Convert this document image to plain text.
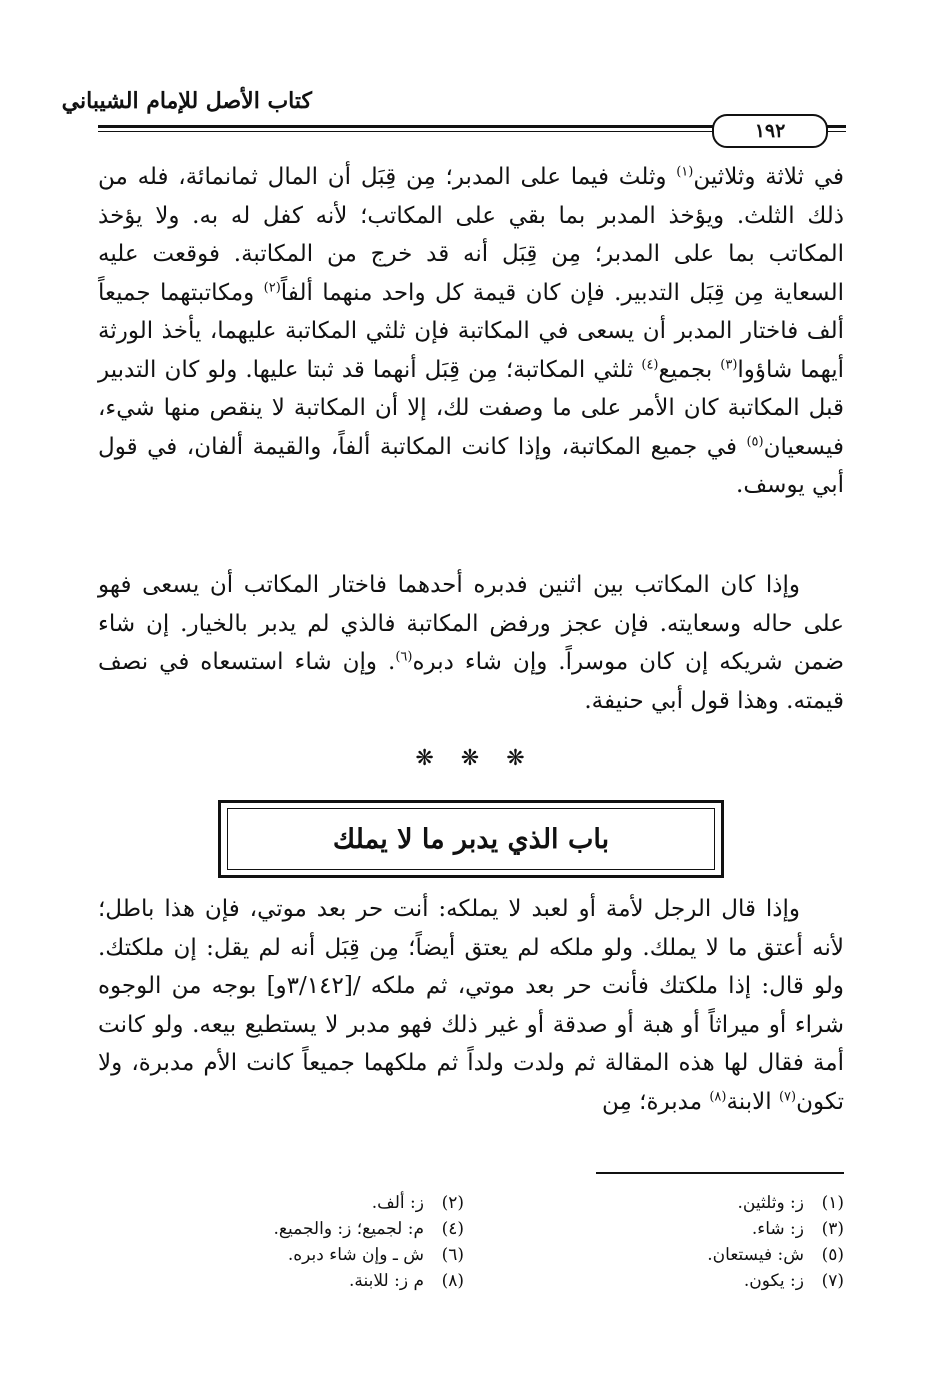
كتاب الأصل للإمام الشيباني
١٩٢

في ثلاثة وثلاثين$^{(١)}$ وثلث فيما على المدبر؛ مِن قِبَل أن المال ثمانمائة، فله من ذلك الثلث. ويؤخذ المدبر بما بقي على المكاتب؛ لأنه كفل له به. ولا يؤخذ المكاتب بما على المدبر؛ مِن قِبَل أنه قد خرج من المكاتبة. فوقعت عليه السعاية مِن قِبَل التدبير. فإن كان قيمة كل واحد منهما ألفاً$^{(٢)}$ ومكاتبتهما جميعاً ألف فاختار المدبر أن يسعى في المكاتبة فإن ثلثي المكاتبة عليهما، يأخذ الورثة أيهما شاؤوا$^{(٣)}$ بجميع$^{(٤)}$ ثلثي المكاتبة؛ مِن قِبَل أنهما قد ثبتا عليها. ولو كان التدبير قبل المكاتبة كان الأمر على ما وصفت لك، إلا أن المكاتبة لا ينقص منها شيء، فيسعيان$^{(٥)}$ في جميع المكاتبة، وإذا كانت المكاتبة ألفاً، والقيمة ألفان، في قول أبي يوسف.

وإذا كان المكاتب بين اثنين فدبره أحدهما فاختار المكاتب أن يسعى فهو على حاله وسعايته. فإن عجز ورفض المكاتبة فالذي لم يدبر بالخيار. إن شاء ضمن شريكه إن كان موسراً. وإن شاء دبره$^{(٦)}$. وإن شاء استسعاه في نصف قيمته. وهذا قول أبي حنيفة.

❋ ❋ ❋
باب الذي يدبر ما لا يملك

وإذا قال الرجل لأمة أو لعبد لا يملكه: أنت حر بعد موتي، فإن هذا باطل؛ لأنه أعتق ما لا يملك. ولو ملكه لم يعتق أيضاً؛ مِن قِبَل أنه لم يقل: إن ملكتك. ولو قال: إذا ملكتك فأنت حر بعد موتي، ثم ملكه /[٣/١٤٢و] بوجه من الوجوه شراء أو ميراثاً أو هبة أو صدقة أو غير ذلك فهو مدبر لا يستطيع بيعه. ولو كانت أمة فقال لها هذه المقالة ثم ولدت ولداً ثم ملكهما جميعاً كانت الأم مدبرة، ولا تكون$^{(٧)}$ الابنة$^{(٨)}$ مدبرة؛ مِن

(١)ز: وثلثين.
(٢)ز: ألف.
(٣)ز: شاء.
(٤)م: لجميع؛ ز: والجميع.
(٥)ش: فيستعان.
(٦)ش ـ وإن شاء دبره.
(٧)ز: يكون.
(٨)م ز: للابنة.
